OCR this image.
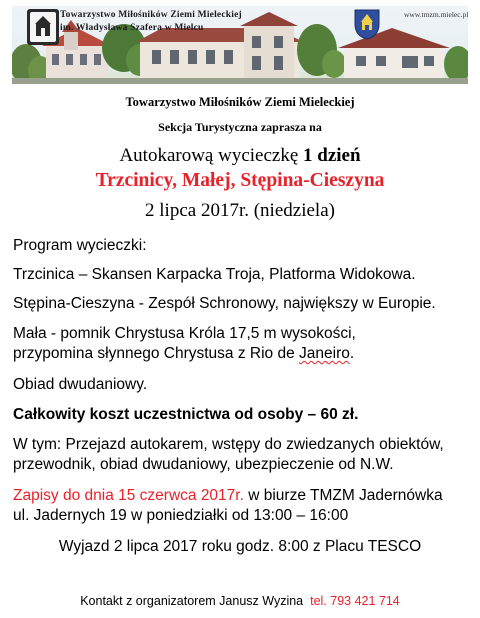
Towarzystwo Miłośników Ziemi Mieleckiej
im. Władysława Szafera w Mielcu
www.tmzm.mielec.pl
Towarzystwo Miłośników Ziemi Mieleckiej
Sekcja Turystyczna zaprasza na
Autokarową wycieczkę 1 dzień
Trzcinicy, Małej, Stępina-Cieszyna
2 lipca 2017r. (niedziela)
Program wycieczki:
Trzcinica – Skansen Karpacka Troja, Platforma Widokowa.
Stępina-Cieszyna - Zespół Schronowy, największy w Europie.
Mała - pomnik Chrystusa Króla 17,5 m wysokości,
przypomina słynnego Chrystusa z Rio de Janeiro.
Obiad dwudaniowy.
Całkowity koszt uczestnictwa od osoby – 60 zł.
W tym: Przejazd autokarem, wstępy do zwiedzanych obiektów,
przewodnik, obiad dwudaniowy, ubezpieczenie od N.W.
Zapisy do dnia 15 czerwca 2017r. w biurze TMZM Jadernówka
ul. Jadernych 19 w poniedziałki od 13:00 – 16:00
Wyjazd 2 lipca 2017 roku godz. 8:00 z Placu TESCO
Kontakt z organizatorem Janusz Wyzina tel. 793 421 714
